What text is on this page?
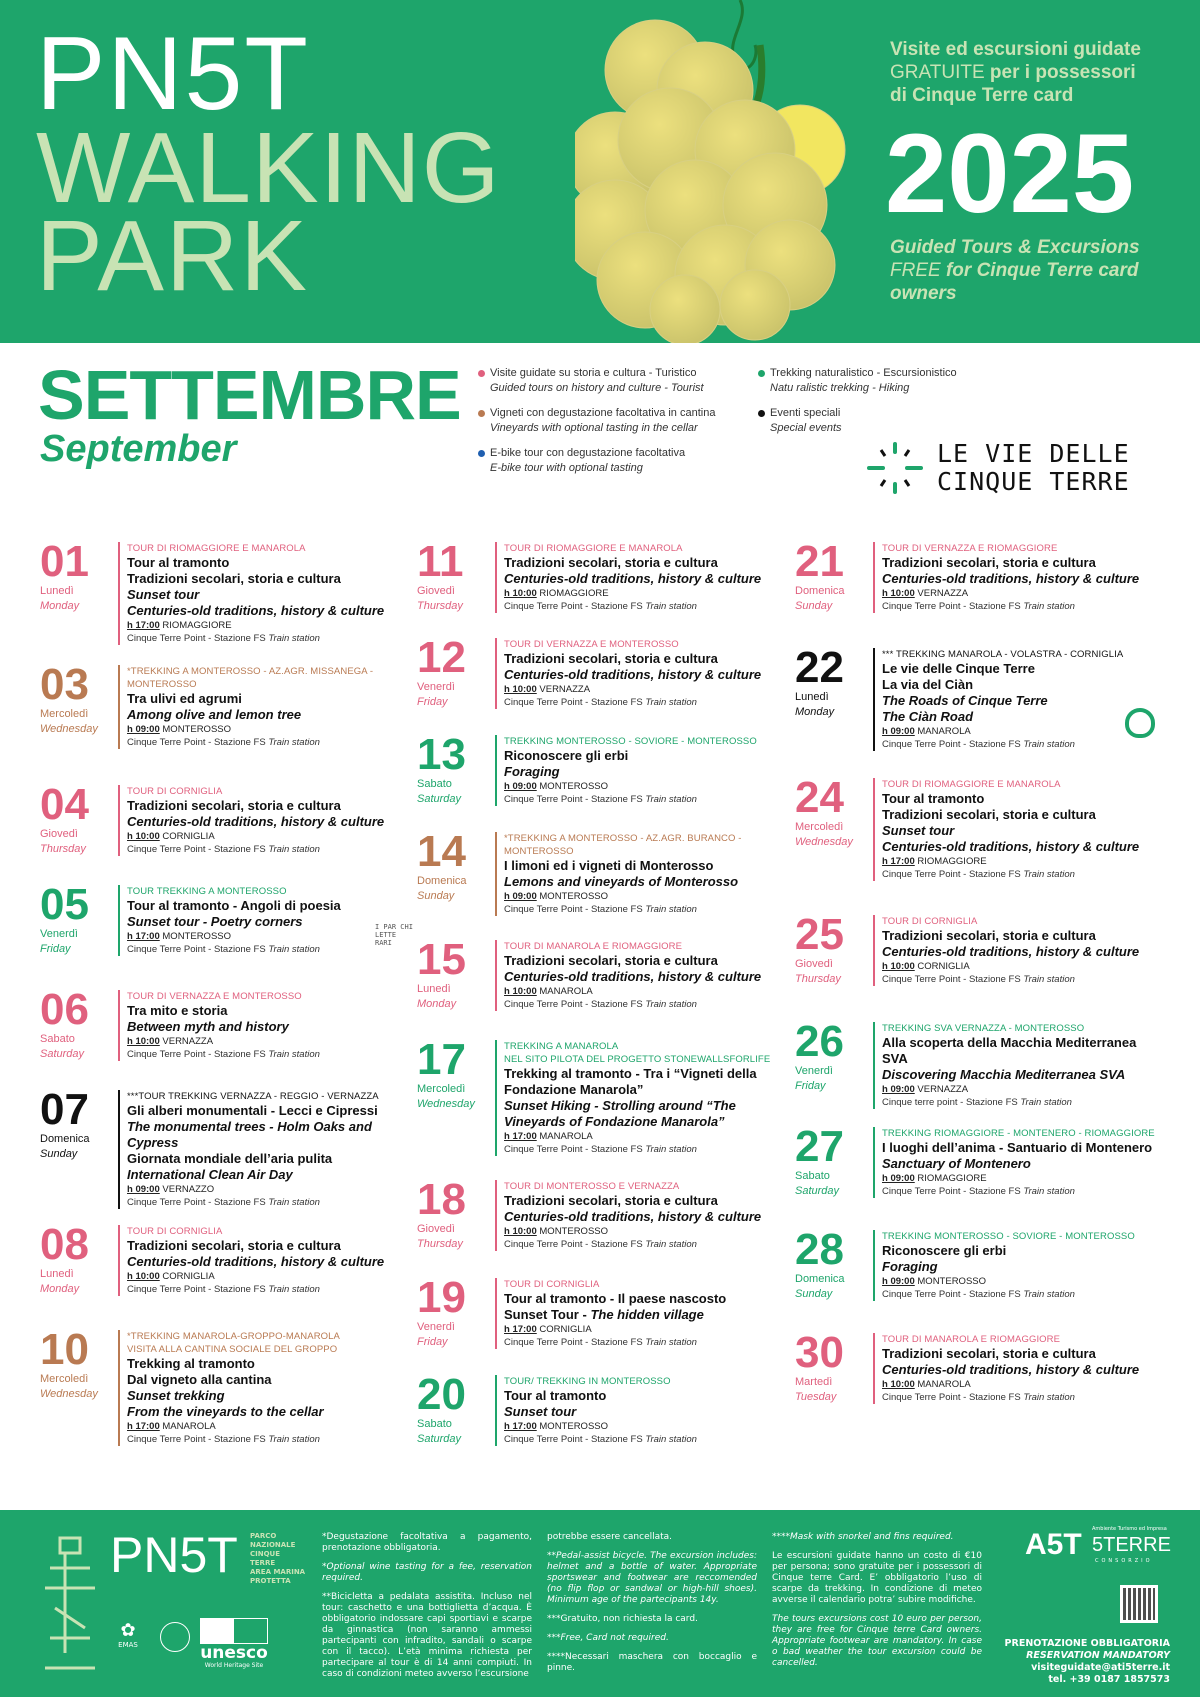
PN5T
WALKING
PARK
Visite ed escursioni guidate
GRATUITE per i possessori
di Cinque Terre card
2025
Guided Tours & Excursions
FREE for Cinque Terre card
owners
SETTEMBRE
September
Visite guidate su storia e cultura - Turistico
Guided tours on history and culture - Tourist
Vigneti con degustazione facoltativa in cantina
Vineyards with optional tasting in the cellar
E-bike tour con degustazione facoltativa
E-bike tour with optional tasting
Trekking naturalistico - Escursionistico
Natu ralistic trekking - Hiking
Eventi speciali
Special events
LE VIE DELLE
CINQUE TERRE
01
Lunedì
Monday
TOUR DI RIOMAGGIORE E MANAROLA
Tour al tramonto
Tradizioni secolari, storia e cultura
Sunset tour
Centuries-old traditions, history & culture
h 17:00 RIOMAGGIORE
Cinque Terre Point - Stazione FS Train station
03
Mercoledì
Wednesday
*TREKKING A MONTEROSSO - AZ.AGR. MISSANEGA -
MONTEROSSO
Tra ulivi ed agrumi
Among olive and lemon tree
h 09:00 MONTEROSSO
Cinque Terre Point - Stazione FS Train station
04
Giovedì
Thursday
TOUR DI CORNIGLIA
Tradizioni secolari, storia e cultura
Centuries-old traditions, history & culture
h 10:00 CORNIGLIA
Cinque Terre Point - Stazione FS Train station
05
Venerdì
Friday
TOUR TREKKING A MONTEROSSO
Tour al tramonto - Angoli di poesia
Sunset tour - Poetry corners
h 17:00 MONTEROSSO
Cinque Terre Point - Stazione FS Train station
I PAR CHI LETTE RARI
06
Sabato
Saturday
TOUR DI VERNAZZA E MONTEROSSO
Tra mito e storia
Between myth and history
h 10:00 VERNAZZA
Cinque Terre Point - Stazione FS Train station
07
Domenica
Sunday
***TOUR TREKKING VERNAZZA - REGGIO - VERNAZZA
Gli alberi monumentali - Lecci e Cipressi
The monumental trees - Holm Oaks and Cypress
Giornata mondiale dell’aria pulita
International Clean Air Day
h 09:00 VERNAZZO
Cinque Terre Point - Stazione FS Train station
08
Lunedì
Monday
TOUR DI CORNIGLIA
Tradizioni secolari, storia e cultura
Centuries-old traditions, history & culture
h 10:00 CORNIGLIA
Cinque Terre Point - Stazione FS Train station
10
Mercoledì
Wednesday
*TREKKING MANAROLA-GROPPO-MANAROLA
VISITA ALLA CANTINA SOCIALE DEL GROPPO
Trekking al tramonto
Dal vigneto alla cantina
Sunset trekking
From the vineyards to the cellar
h 17:00 MANAROLA
Cinque Terre Point - Stazione FS Train station
11
Giovedì
Thursday
TOUR DI RIOMAGGIORE E MANAROLA
Tradizioni secolari, storia e cultura
Centuries-old traditions, history & culture
h 10:00 RIOMAGGIORE
Cinque Terre Point - Stazione FS Train station
12
Venerdì
Friday
TOUR DI VERNAZZA E MONTEROSSO
Tradizioni secolari, storia e cultura
Centuries-old traditions, history & culture
h 10:00 VERNAZZA
Cinque Terre Point - Stazione FS Train station
13
Sabato
Saturday
TREKKING MONTEROSSO - SOVIORE - MONTEROSSO
Riconoscere gli erbi
Foraging
h 09:00 MONTEROSSO
Cinque Terre Point - Stazione FS Train station
14
Domenica
Sunday
*TREKKING A MONTEROSSO - AZ.AGR. BURANCO -
MONTEROSSO
I limoni ed i vigneti di Monterosso
Lemons and vineyards of Monterosso
h 09:00 MONTEROSSO
Cinque Terre Point - Stazione FS Train station
15
Lunedì
Monday
TOUR DI MANAROLA E RIOMAGGIORE
Tradizioni secolari, storia e cultura
Centuries-old traditions, history & culture
h 10:00 MANAROLA
Cinque Terre Point - Stazione FS Train station
17
Mercoledì
Wednesday
TREKKING A MANAROLA
NEL SITO PILOTA DEL PROGETTO STONEWALLSFORLIFE
Trekking al tramonto - Tra i “Vigneti della
Fondazione Manarola”
Sunset Hiking - Strolling around “The
Vineyards of Fondazione Manarola”
h 17:00 MANAROLA
Cinque Terre Point - Stazione FS Train station
18
Giovedì
Thursday
TOUR DI MONTEROSSO E VERNAZZA
Tradizioni secolari, storia e cultura
Centuries-old traditions, history & culture
h 10:00 MONTEROSSO
Cinque Terre Point - Stazione FS Train station
19
Venerdì
Friday
TOUR DI CORNIGLIA
Tour al tramonto - Il paese nascosto
Sunset Tour - The hidden village
h 17:00 CORNIGLIA
Cinque Terre Point - Stazione FS Train station
20
Sabato
Saturday
TOUR/ TREKKING IN MONTEROSSO
Tour al tramonto
Sunset tour
h 17:00 MONTEROSSO
Cinque Terre Point - Stazione FS Train station
21
Domenica
Sunday
TOUR DI VERNAZZA E RIOMAGGIORE
Tradizioni secolari, storia e cultura
Centuries-old traditions, history & culture
h 10:00 VERNAZZA
Cinque Terre Point - Stazione FS Train station
22
Lunedì
Monday
*** TREKKING MANAROLA - VOLASTRA - CORNIGLIA
Le vie delle Cinque Terre
La via del Ciàn
The Roads of Cinque Terre
The Ciàn Road
h 09:00 MANAROLA
Cinque Terre Point - Stazione FS Train station
24
Mercoledì
Wednesday
TOUR DI RIOMAGGIORE E MANAROLA
Tour al tramonto
Tradizioni secolari, storia e cultura
Sunset tour
Centuries-old traditions, history & culture
h 17:00 RIOMAGGIORE
Cinque Terre Point - Stazione FS Train station
25
Giovedì
Thursday
TOUR DI CORNIGLIA
Tradizioni secolari, storia e cultura
Centuries-old traditions, history & culture
h 10:00 CORNIGLIA
Cinque Terre Point - Stazione FS Train station
26
Venerdì
Friday
TREKKING SVA VERNAZZA - MONTEROSSO
Alla scoperta della Macchia Mediterranea SVA
Discovering Macchia Mediterranea SVA
h 09:00 VERNAZZA
Cinque terre point - Stazione FS Train station
27
Sabato
Saturday
TREKKING RIOMAGGIORE - MONTENERO - RIOMAGGIORE
I luoghi dell’anima - Santuario di Montenero
Sanctuary of Montenero
h 09:00 RIOMAGGIORE
Cinque Terre Point - Stazione FS Train station
28
Domenica
Sunday
TREKKING MONTEROSSO - SOVIORE - MONTEROSSO
Riconoscere gli erbi
Foraging
h 09:00 MONTEROSSO
Cinque Terre Point - Stazione FS Train station
30
Martedì
Tuesday
TOUR DI MANAROLA E RIOMAGGIORE
Tradizioni secolari, storia e cultura
Centuries-old traditions, history & culture
h 10:00 MANAROLA
Cinque Terre Point - Stazione FS Train station
PN5T PARCO
NAZIONALE
CINQUE
TERRE
AREA MARINA
PROTETTA
✿
EMAS	unesco
World Heritage Site

*Degustazione facoltativa a pagamento, prenotazione obbligatoria.

*Optional wine tasting for a fee, reservation required.

**Bicicletta a pedalata assistita. Incluso nel tour: caschetto e una bottiglietta d’acqua. È obbligatorio indossare capi sportiavi e scarpe da ginnastica (non saranno ammessi partecipanti con infradito, sandali o scarpe con il tacco). L’età minima richiesta per partecipare al tour è di 14 anni compiuti. In caso di condizioni meteo avverso l’escursione

potrebbe essere cancellata.

**Pedal-assist bicycle. The excursion includes: helmet and a bottle of water. Appropriate sportswear and footwear are reccomended (no flip flop or sandwal or high-hill shoes). Minimum age of the partecipants 14y.

***Gratuito, non richiesta la card.

***Free, Card not required.

****Necessari maschera con boccaglio e pinne.

****Mask with snorkel and fins required.

Le escursioni guidate hanno un costo di €10 per persona; sono gratuite per i possessori di Cinque terre Card. E’ obbligatorio l’uso di scarpe da trekking. In condizione di meteo avverse il calendario potra’ subire modifiche.

The tours excursions cost 10 euro per person, they are free for Cinque terre Card owners. Appropriate footwear are mandatory. In case o bad weather the tour excursion could be cancelled.

A5T Ambiente Turismo ed Impresa
5TERRE
CONSORZIO
PRENOTAZIONE OBBLIGATORIA
RESERVATION MANDATORY
visiteguidate@ati5terre.it
tel. +39 0187 1857573
